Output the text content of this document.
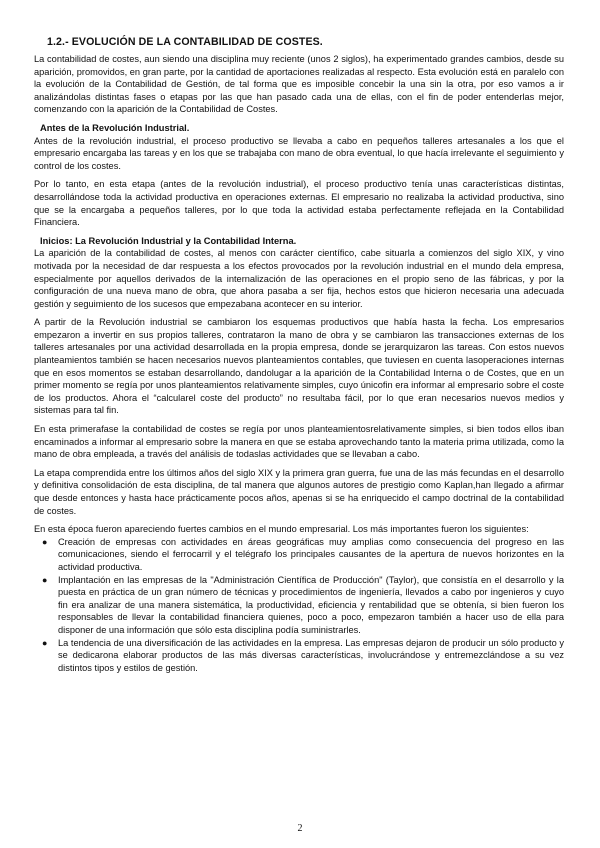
1.2.- EVOLUCIÓN DE LA CONTABILIDAD DE COSTES.

La contabilidad de costes, aun siendo una disciplina muy reciente (unos 2 siglos), ha experimentado grandes cambios, desde su aparición, promovidos, en gran parte, por la cantidad de aportaciones realizadas al respecto. Esta evolución está en paralelo con la evolución de la Contabilidad de Gestión, de tal forma que es imposible concebir la una sin la otra, por eso vamos a ir analizándolas distintas fases o etapas por las que han pasado cada una de ellas, con el fin de poder entenderlas mejor, comenzando con la aparición de la Contabilidad de Costes.

Antes de la Revolución Industrial.

Antes de la revolución industrial, el proceso productivo se llevaba a cabo en pequeños talleres artesanales a los que el empresario encargaba las tareas y en los que se trabajaba con mano de obra eventual, lo que hacía irrelevante el seguimiento y control de los costes.

Por lo tanto, en esta etapa (antes de la revolución industrial), el proceso productivo tenía unas características distintas, desarrollándose toda la actividad productiva en operaciones externas. El empresario no realizaba la actividad productiva, sino que se la encargaba a pequeños talleres, por lo que toda la actividad estaba perfectamente reflejada en la Contabilidad Financiera.

Inicios: La Revolución Industrial y la Contabilidad Interna.

La aparición de la contabilidad de costes, al menos con carácter científico, cabe situarla a comienzos del siglo XIX, y vino motivada por la necesidad de dar respuesta a los efectos provocados por la revolución industrial en el mundo dela empresa, especialmente por aquellos derivados de la internalización de las operaciones en el propio seno de las fábricas, y por la configuración de una nueva mano de obra, que ahora pasaba a ser fija, hechos estos que hicieron necesaria una adecuada gestión y seguimiento de los sucesos que empezabana acontecer en su interior.

A partir de la Revolución industrial se cambiaron los esquemas productivos que había hasta la fecha. Los empresarios empezaron a invertir en sus propios talleres, contrataron la mano de obra y se cambiaron las transacciones externas de los talleres artesanales por una actividad desarrollada en la propia empresa, donde se jerarquizaron las tareas. Con estos nuevos planteamientos también se hacen necesarios nuevos planteamientos contables, que tuviesen en cuenta lasoperaciones internas que en esos momentos se estaban desarrollando, dandolugar a la aparición de la Contabilidad Interna o de Costes, que en un primer momento se regía por unos planteamientos relativamente simples, cuyo únicofin era informar al empresario sobre el coste de los productos. Ahora el “calcularel coste del producto” no resultaba fácil, por lo que eran necesarios nuevos medios y sistemas para tal fin.

En esta primerafase la contabilidad de costes se regía por unos planteamientosrelativamente simples, si bien todos ellos iban encaminados a informar al empresario sobre la manera en que se estaba aprovechando tanto la materia prima utilizada, como la mano de obra empleada, a través del análisis de todaslas actividades que se llevaban a cabo.

La etapa comprendida entre los últimos años del siglo XIX y la primera gran guerra, fue una de las más fecundas en el desarrollo y definitiva consolidación de esta disciplina, de tal manera que algunos autores de prestigio como Kaplan,han llegado a afirmar que desde entonces y hasta hace prácticamente pocos años, apenas si se ha enriquecido el campo doctrinal de la contabilidad de costes.

En esta época fueron apareciendo fuertes cambios en el mundo empresarial. Los más importantes fueron los siguientes:

● Creación de empresas con actividades en áreas geográficas muy amplias como consecuencia del progreso en las comunicaciones, siendo el ferrocarril y el telégrafo los principales causantes de la apertura de nuevos horizontes en la actividad productiva.
● Implantación en las empresas de la "Administración Científica de Producción" (Taylor), que consistía en el desarrollo y la puesta en práctica de un gran número de técnicas y procedimientos de ingeniería, llevados a cabo por ingenieros y cuyo fin era analizar de una manera sistemática, la productividad, eficiencia y rentabilidad que se obtenía, si bien fueron los responsables de llevar la contabilidad financiera quienes, poco a poco, empezaron también a hacer uso de ella para disponer de una información que sólo esta disciplina podía suministrarles.
● La tendencia de una diversificación de las actividades en la empresa. Las empresas dejaron de producir un sólo producto y se dedicarona elaborar productos de las más diversas características, involucrándose y entremezclándose a su vez distintos tipos y estilos de gestión.
2
